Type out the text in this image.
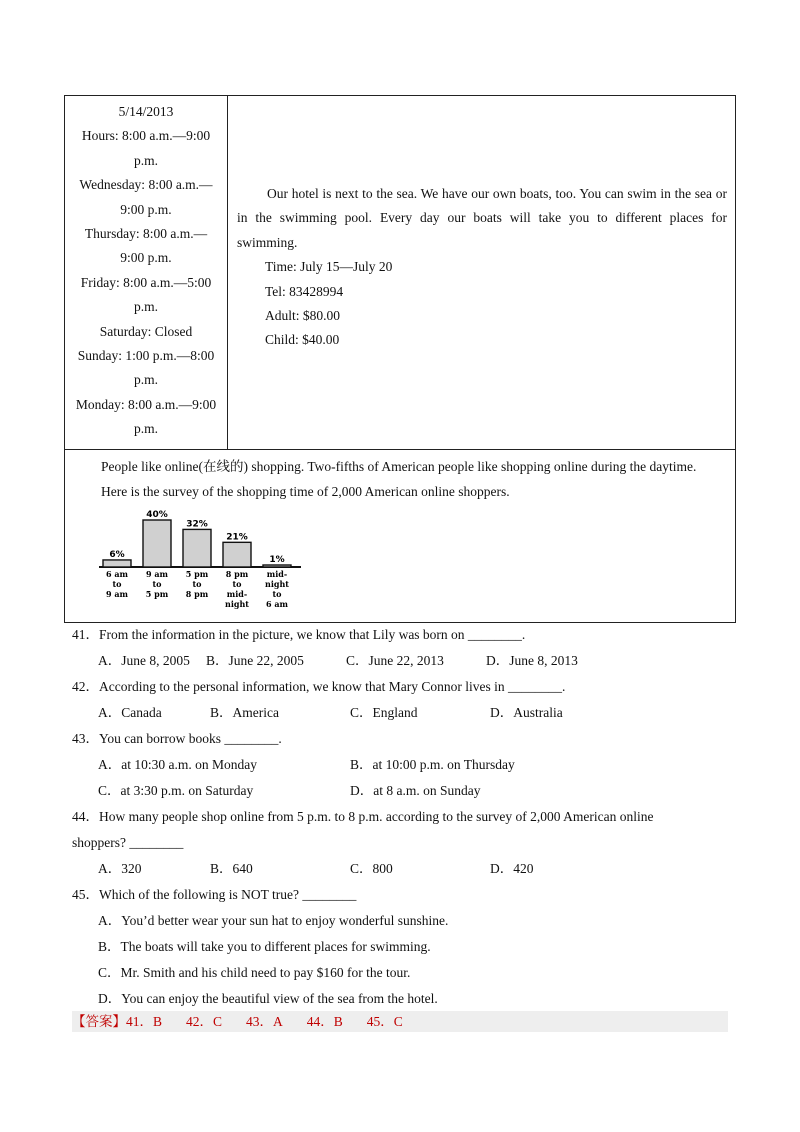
5/14/2013
Hours: 8:00 a.m.—9:00
p.m.
Wednesday: 8:00 a.m.—
9:00 p.m.
Thursday: 8:00 a.m.—
9:00 p.m.
Friday: 8:00 a.m.—5:00
p.m.
Saturday: Closed
Sunday: 1:00 p.m.—8:00
p.m.
Monday: 8:00 a.m.—9:00
p.m.
Our hotel is next to the sea. We have our own boats, too. You can swim in the sea or in the swimming pool. Every day our boats will take you to different places for swimming.
Time: July 15—July 20
Tel: 83428994
Adult: $80.00
Child: $40.00
People like online(在线的) shopping. Two-fifths of American people like shopping online during the daytime.
Here is the survey of the shopping time of 2,000 American online shoppers.
6%
6 am
to
9 am
40%
9 am
to
5 pm
32%
5 pm
to
8 pm
21%
8 pm
to
mid-
night
1%
mid-
night
to
6 am

41．From the information in the picture, we know that Lily was born on ________.

A．June 8, 2005	B．June 22, 2005	C．June 22, 2013	D．June 8, 2013

42．According to the personal information, we know that Mary Connor lives in ________.

A．Canada	B．America	C．England	D．Australia

43．You can borrow books ________.

A．at 10:30 a.m. on Monday	B．at 10:00 p.m. on Thursday
C．at 3:30 p.m. on Saturday	D．at 8 a.m. on Sunday

44．How many people shop online from 5 p.m. to 8 p.m. according to the survey of 2,000 American online

shoppers? ________

A．320	B．640	C．800	D．420

45．Which of the following is NOT true? ________

A．You’d better wear your sun hat to enjoy wonderful sunshine.
B．The boats will take you to different places for swimming.
C．Mr. Smith and his child need to pay $160 for the tour.
D．You can enjoy the beautiful view of the sea from the hotel.
【答案】41．B 42．C 43．A 44．B 45．C
